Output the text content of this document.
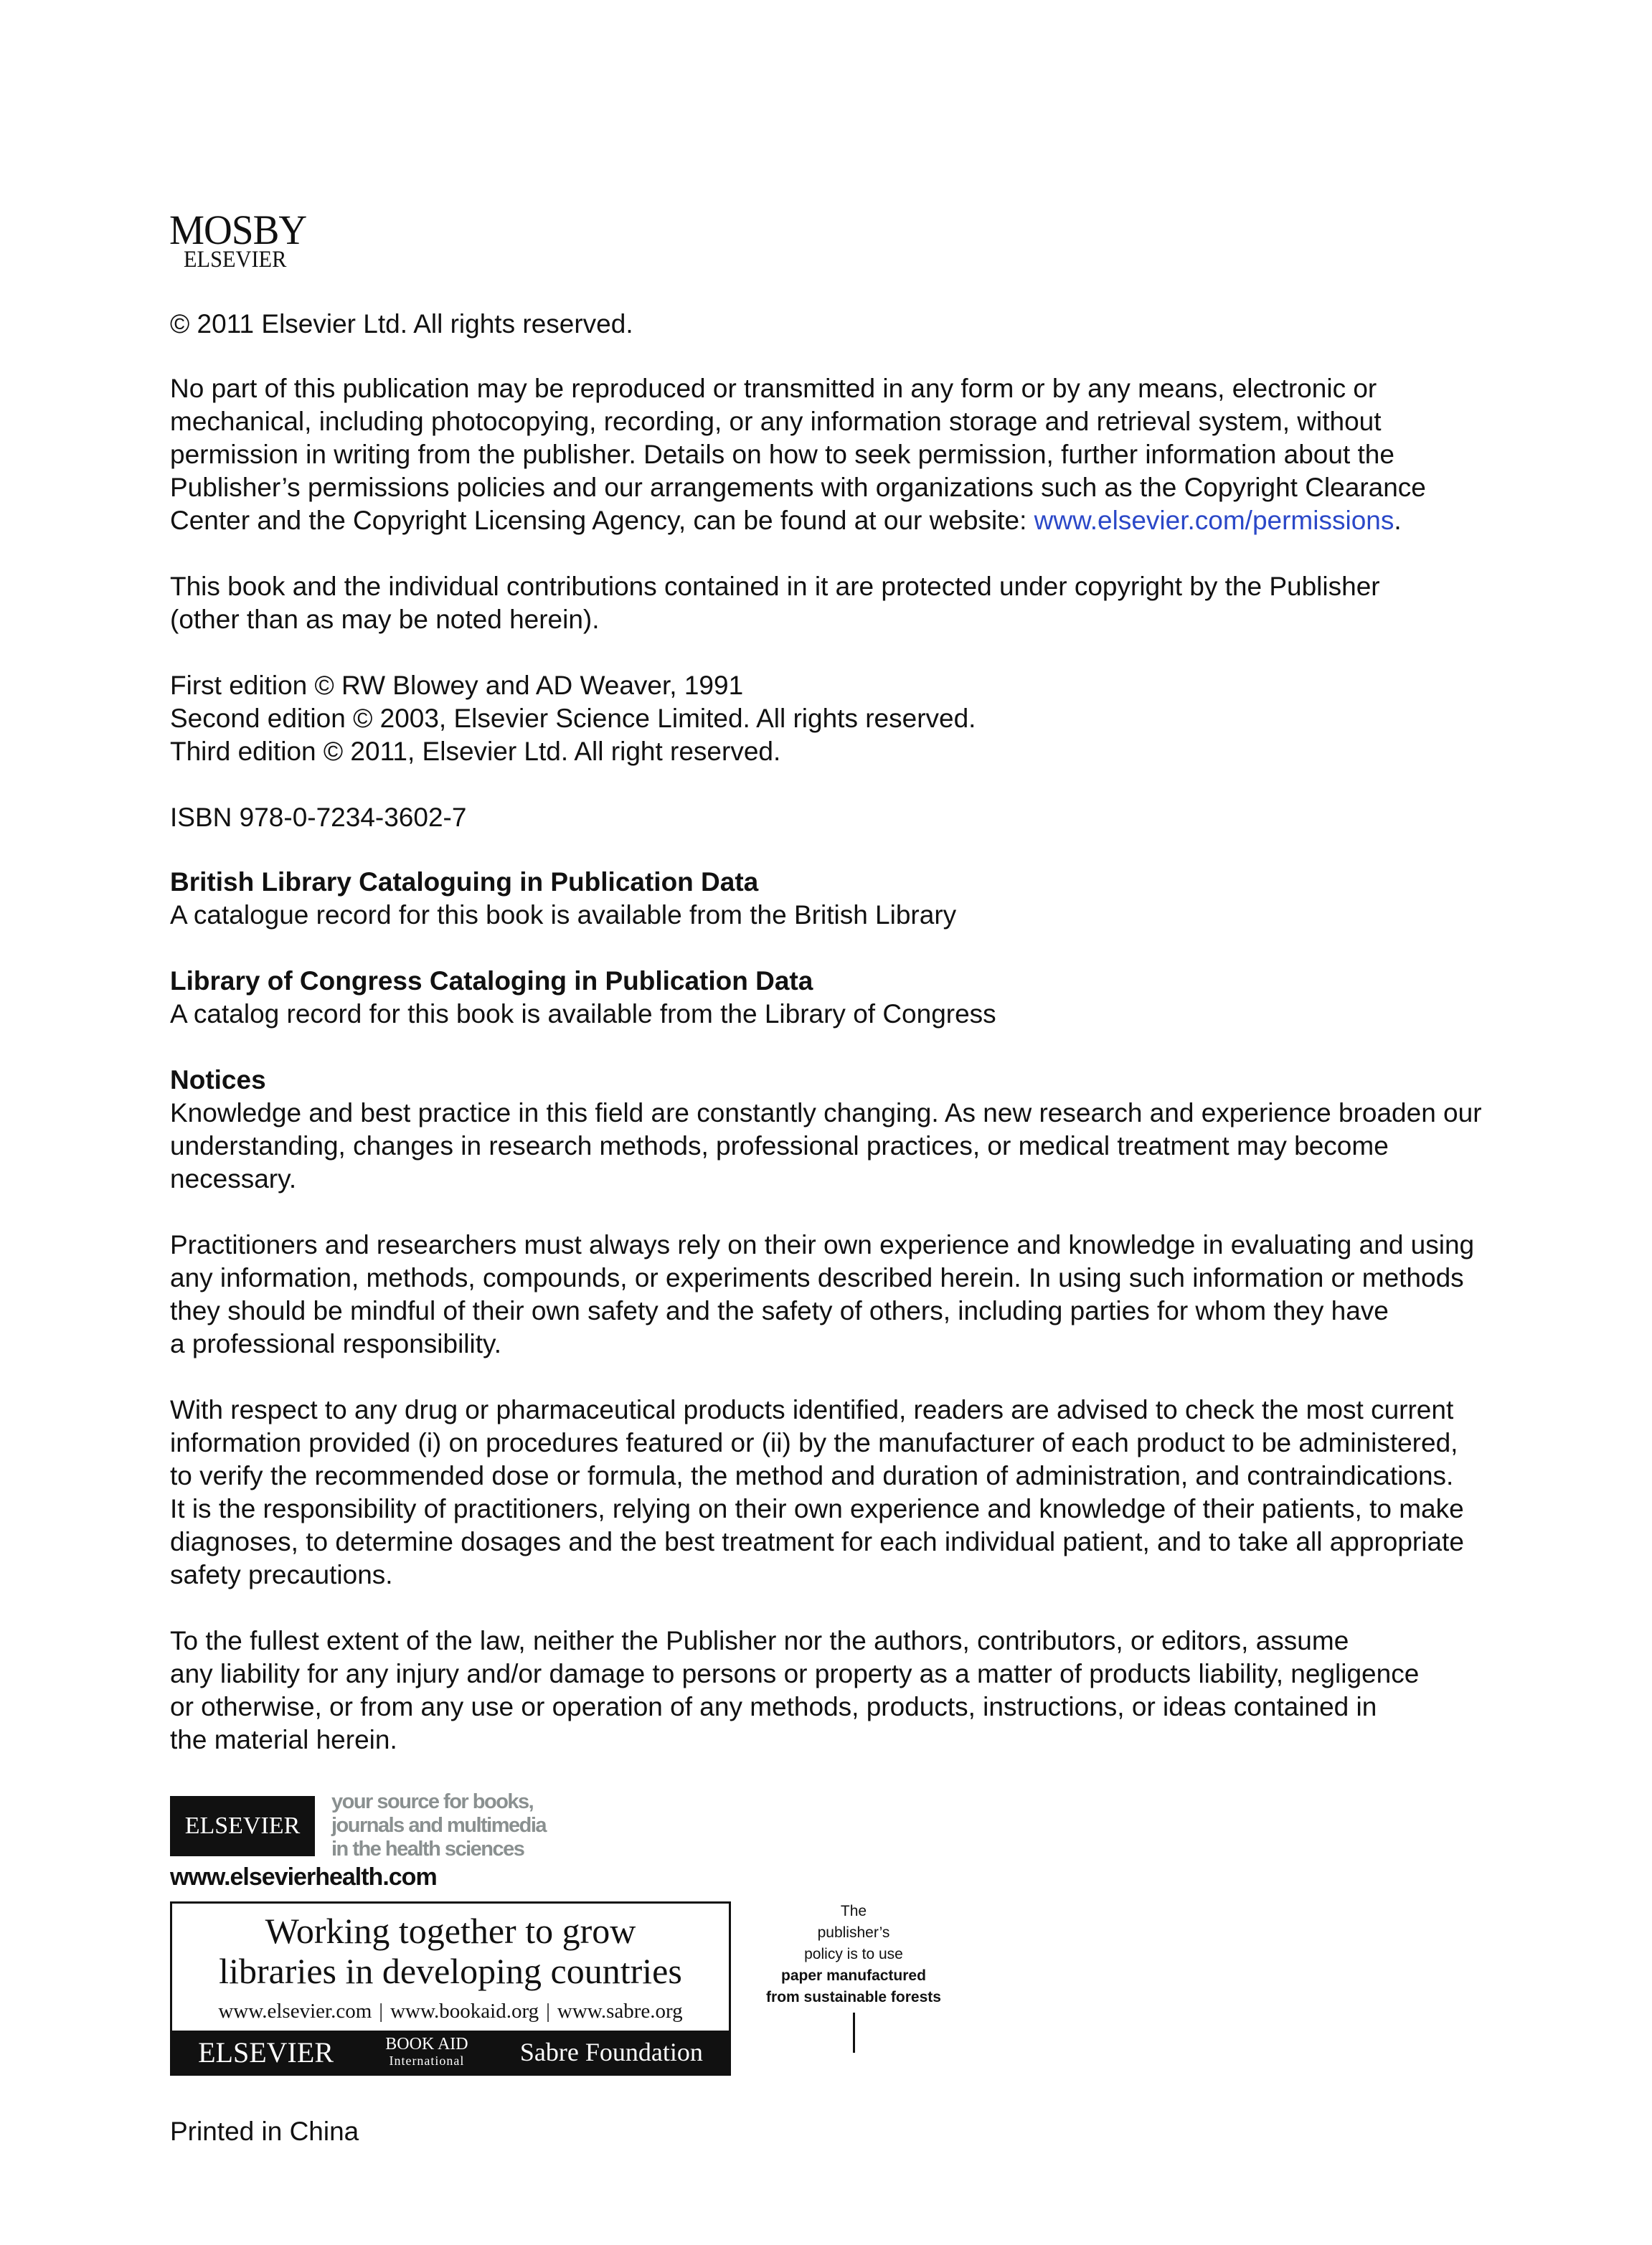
MOSBY
ELSEVIER
© 2011 Elsevier Ltd. All rights reserved.
No part of this publication may be reproduced or transmitted in any form or by any means, electronic or
mechanical, including photocopying, recording, or any information storage and retrieval system, without
permission in writing from the publisher. Details on how to seek permission, further information about the
Publisher’s permissions policies and our arrangements with organizations such as the Copyright Clearance
Center and the Copyright Licensing Agency, can be found at our website: www.elsevier.com/permissions.
This book and the individual contributions contained in it are protected under copyright by the Publisher
(other than as may be noted herein).
First edition © RW Blowey and AD Weaver, 1991
Second edition © 2003, Elsevier Science Limited. All rights reserved.
Third edition © 2011, Elsevier Ltd. All right reserved.
ISBN 978-0-7234-3602-7
British Library Cataloguing in Publication Data
A catalogue record for this book is available from the British Library
Library of Congress Cataloging in Publication Data
A catalog record for this book is available from the Library of Congress
Notices
Knowledge and best practice in this field are constantly changing. As new research and experience broaden our
understanding, changes in research methods, professional practices, or medical treatment may become
necessary.
Practitioners and researchers must always rely on their own experience and knowledge in evaluating and using
any information, methods, compounds, or experiments described herein. In using such information or methods
they should be mindful of their own safety and the safety of others, including parties for whom they have
a professional responsibility.
With respect to any drug or pharmaceutical products identified, readers are advised to check the most current
information provided (i) on procedures featured or (ii) by the manufacturer of each product to be administered,
to verify the recommended dose or formula, the method and duration of administration, and contraindications.
It is the responsibility of practitioners, relying on their own experience and knowledge of their patients, to make
diagnoses, to determine dosages and the best treatment for each individual patient, and to take all appropriate
safety precautions.
To the fullest extent of the law, neither the Publisher nor the authors, contributors, or editors, assume
any liability for any injury and/or damage to persons or property as a matter of products liability, negligence
or otherwise, or from any use or operation of any methods, products, instructions, or ideas contained in
the material herein.
ELSEVIER
your source for books,
journals and multimedia
in the health sciences
www.elsevierhealth.com
Working together to grow
libraries in developing countries
www.elsevier.com | www.bookaid.org | www.sabre.org
ELSEVIER	BOOK AID
International Sabre Foundation
The
publisher’s
policy is to use
paper manufactured
from sustainable forests
Printed in China
